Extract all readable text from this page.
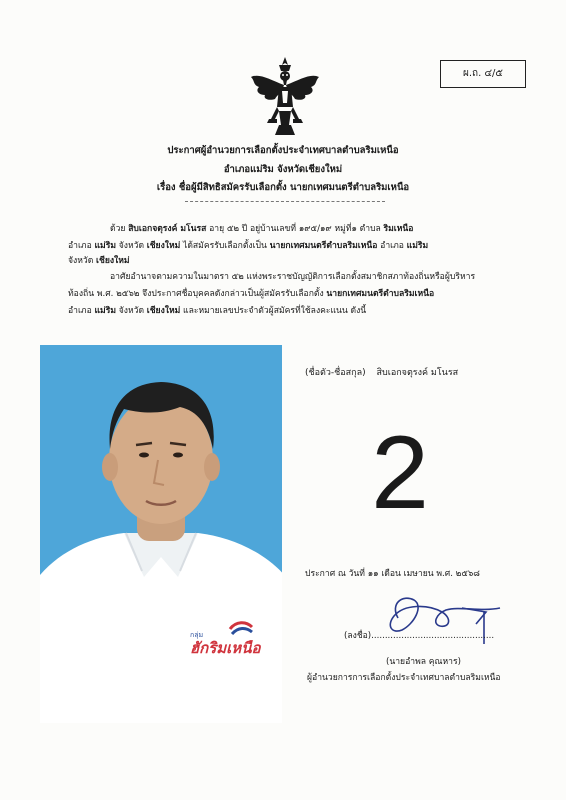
ผ.ถ. ๔/๕
ประกาศผู้อำนวยการเลือกตั้งประจำเทศบาลตำบลริมเหนือ
อำเภอแม่ริม จังหวัดเชียงใหม่
เรื่อง ชื่อผู้มีสิทธิสมัครรับเลือกตั้ง นายกเทศมนตรีตำบลริมเหนือ
ด้วย สิบเอกจตุรงค์ มโนรส อายุ ๕๒ ปี อยู่บ้านเลขที่ ๑๙๕/๑๙ หมู่ที่๑ ตำบล ริมเหนือ
อำเภอ แม่ริม จังหวัด เชียงใหม่ ได้สมัครรับเลือกตั้งเป็น นายกเทศมนตรีตำบลริมเหนือ อำเภอ แม่ริม
จังหวัด เชียงใหม่
อาศัยอำนาจตามความในมาตรา ๕๒ แห่งพระราชบัญญัติการเลือกตั้งสมาชิกสภาท้องถิ่นหรือผู้บริหาร
ท้องถิ่น พ.ศ. ๒๕๖๒ จึงประกาศชื่อบุคคลดังกล่าวเป็นผู้สมัครรับเลือกตั้ง นายกเทศมนตรีตำบลริมเหนือ
อำเภอ แม่ริม จังหวัด เชียงใหม่ และหมายเลขประจำตัวผู้สมัครที่ใช้ลงคะแนน ดังนี้
กลุ่ม
ฮักริมเหนือ
(ชื่อตัว-ชื่อสกุล) สิบเอกจตุรงค์ มโนรส
2
ประกาศ ณ วันที่ ๑๑ เดือน เมษายน พ.ศ. ๒๕๖๘
(ลงชื่อ).............................................
(นายอำพล คุณหาร)
ผู้อำนวยการการเลือกตั้งประจำเทศบาลตำบลริมเหนือ
